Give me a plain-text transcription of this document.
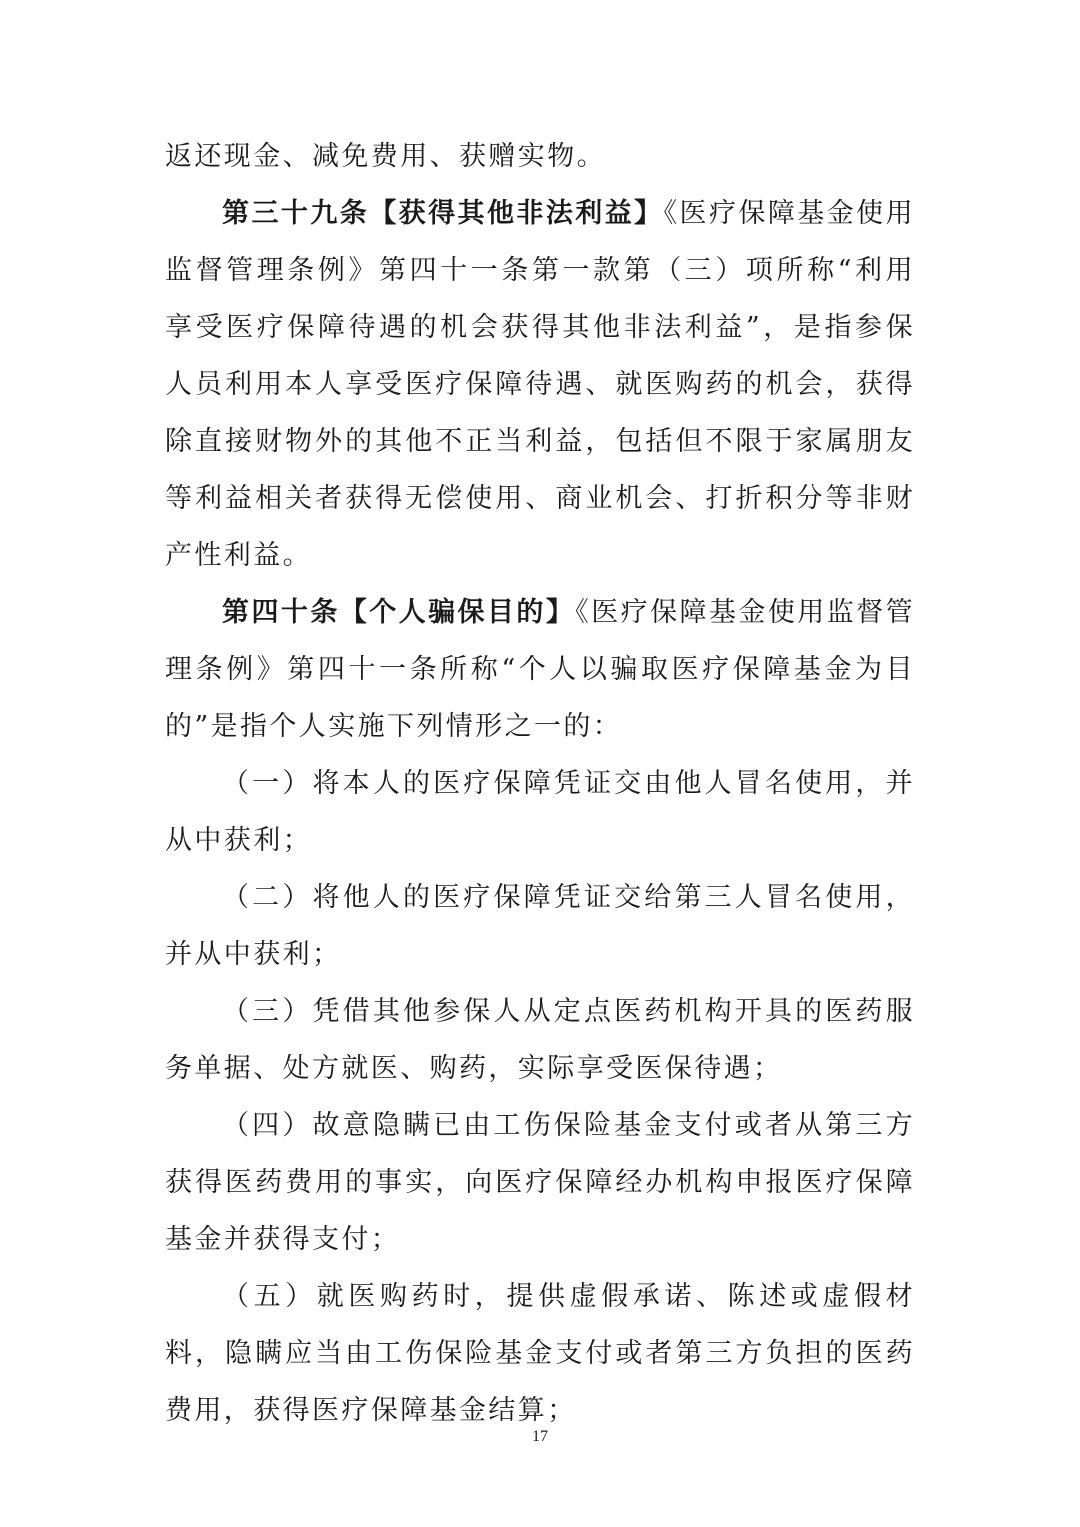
返还现金、减免费用、获赠实物。

第三十九条【获得其他非法利益】《医疗保障基金使用监督管理条例》第四十一条第一款第（三）项所称“利用享受医疗保障待遇的机会获得其他非法利益”，是指参保人员利用本人享受医疗保障待遇、就医购药的机会，获得除直接财物外的其他不正当利益，包括但不限于家属朋友等利益相关者获得无偿使用、商业机会、打折积分等非财产性利益。

第四十条【个人骗保目的】《医疗保障基金使用监督管理条例》第四十一条所称“个人以骗取医疗保障基金为目的”是指个人实施下列情形之一的：

（一）将本人的医疗保障凭证交由他人冒名使用，并从中获利；

（二）将他人的医疗保障凭证交给第三人冒名使用，并从中获利；

（三）凭借其他参保人从定点医药机构开具的医药服务单据、处方就医、购药，实际享受医保待遇；

（四）故意隐瞒已由工伤保险基金支付或者从第三方获得医药费用的事实，向医疗保障经办机构申报医疗保障基金并获得支付；

（五）就医购药时，提供虚假承诺、陈述或虚假材料，隐瞒应当由工伤保险基金支付或者第三方负担的医药费用，获得医疗保障基金结算；

17
